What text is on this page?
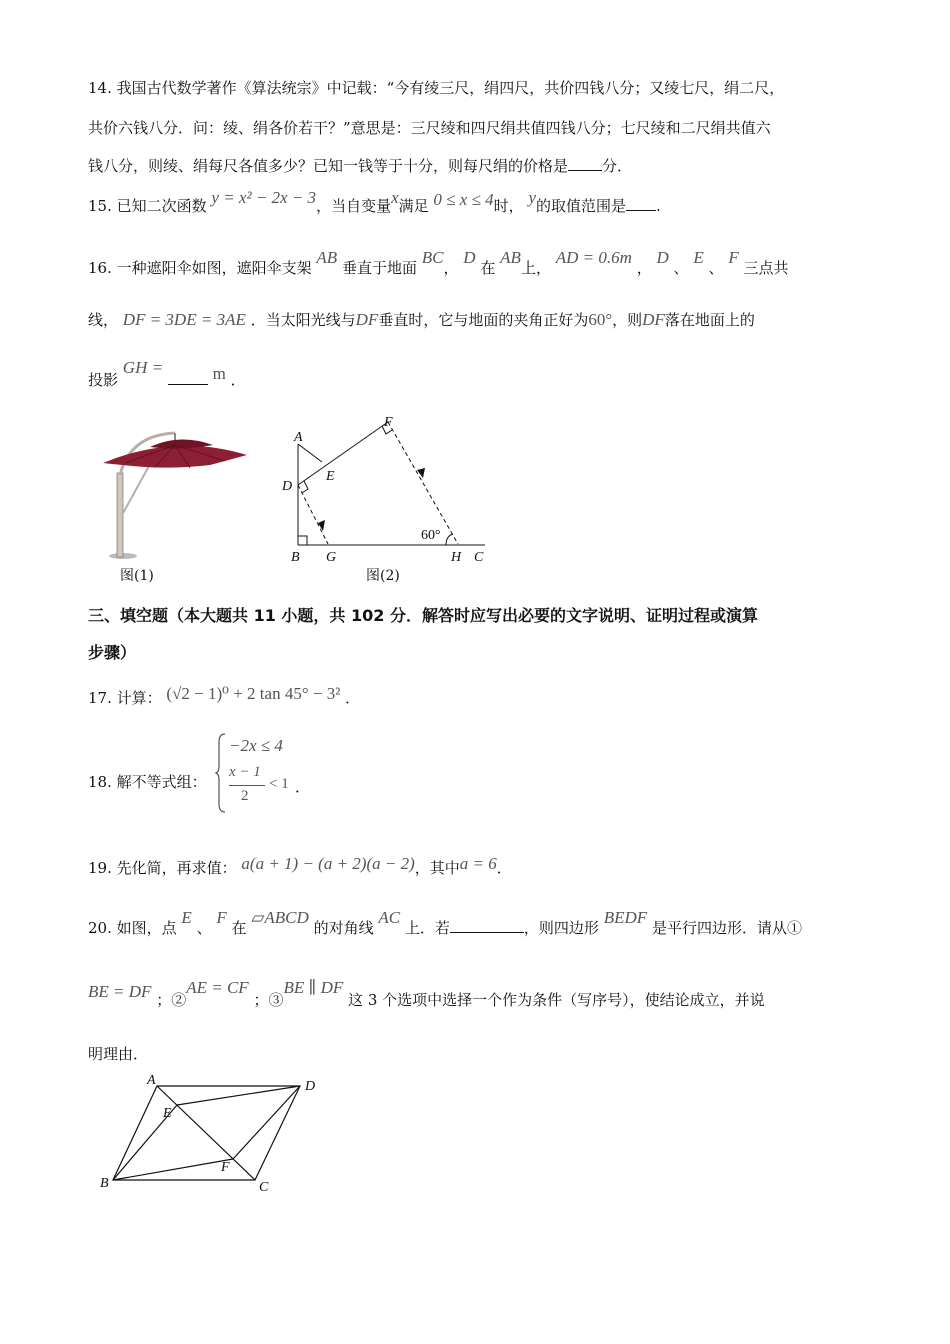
14. 我国古代数学著作《算法统宗》中记载：“今有绫三尺，绢四尺，共价四钱八分；又绫七尺，绢二尺，
共价六钱八分．问：绫、绢各价若干？”意思是：三尺绫和四尺绢共值四钱八分；七尺绫和二尺绢共值六
钱八分，则绫、绢每尺各值多少？已知一钱等于十分，则每尺绢的价格是 分．
15. 已知二次函数 y = x² − 2x − 3，当自变量x满足 0 ≤ x ≤ 4时， y的取值范围是 .
16. 一种遮阳伞如图，遮阳伞支架 AB 垂直于地面 BC， D 在 AB上， AD = 0.6m ， D 、 E 、 F 三点共
线， DF = 3DE = 3AE ．当太阳光线与DF垂直时，它与地面的夹角正好为60°，则DF落在地面上的
投影 GH =	m ．
图(1)
A
E
F
D
B G	H C
60°
图(2)
三、填空题（本大题共 11 小题，共 102 分．解答时应写出必要的文字说明、证明过程或演算
步骤）
17. 计算： (√2 − 1)⁰ + 2 tan 45° − 3² ．
18. 解不等式组：
−2x ≤ 4
x − 1
2
< 1 ．
19. 先化简，再求值： a(a + 1) − (a + 2)(a − 2)，其中a = 6．
20. 如图，点 E 、 F 在 ▱ABCD 的对角线 AC 上．若	，则四边形 BEDF 是平行四边形．请从①
BE = DF ；②AE = CF ；③BE ∥ DF 这 3 个选项中选择一个作为条件（写序号），使结论成立，并说
明理由．
A	D
E
F
B	C
